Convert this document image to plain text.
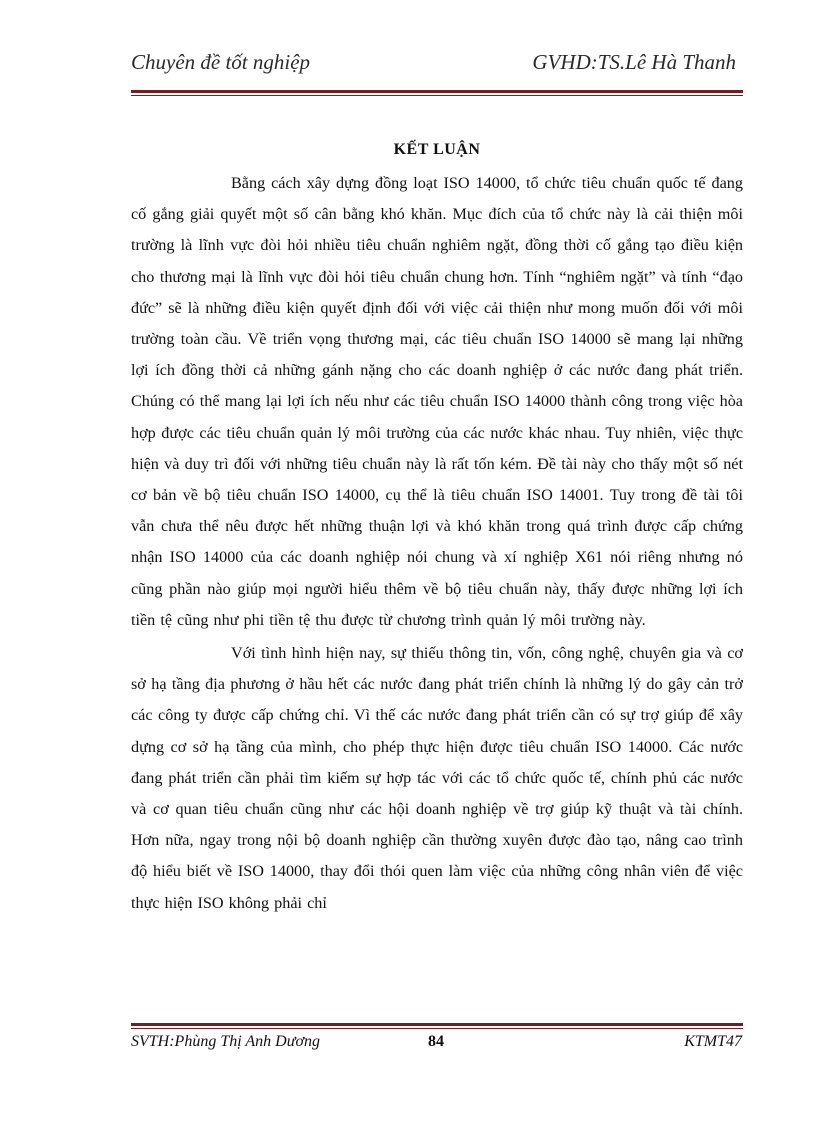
Chuyên đề tốt nghiệp	GVHD:TS.Lê Hà Thanh
KẾT LUẬN

Bằng cách xây dựng đồng loạt ISO 14000, tổ chức tiêu chuẩn quốc tế đang cố gắng giải quyết một số cân bằng khó khăn. Mục đích của tổ chức này là cải thiện môi trường là lĩnh vực đòi hỏi nhiều tiêu chuẩn nghiêm ngặt, đồng thời cố gắng tạo điều kiện cho thương mại là lĩnh vực đòi hỏi tiêu chuẩn chung hơn. Tính “nghiêm ngặt” và tính “đạo đức” sẽ là những điều kiện quyết định đối với việc cải thiện như mong muốn đối với môi trường toàn cầu. Về triển vọng thương mại, các tiêu chuẩn ISO 14000 sẽ mang lại những lợi ích đồng thời cả những gánh nặng cho các doanh nghiệp ở các nước đang phát triển. Chúng có thể mang lại lợi ích nếu như các tiêu chuẩn ISO 14000 thành công trong việc hòa hợp được các tiêu chuẩn quản lý môi trường của các nước khác nhau. Tuy nhiên, việc thực hiện và duy trì đối với những tiêu chuẩn này là rất tốn kém. Đề tài này cho thấy một số nét cơ bản về bộ tiêu chuẩn ISO 14000, cụ thể là tiêu chuẩn ISO 14001. Tuy trong đề tài tôi vẫn chưa thể nêu được hết những thuận lợi và khó khăn trong quá trình được cấp chứng nhận ISO 14000 của các doanh nghiệp nói chung và xí nghiệp X61 nói riêng nhưng nó cũng phần nào giúp mọi người hiểu thêm về bộ tiêu chuẩn này, thấy được những lợi ích tiền tệ cũng như phi tiền tệ thu được từ chương trình quản lý môi trường này.

Với tình hình hiện nay, sự thiếu thông tin, vốn, công nghệ, chuyên gia và cơ sở hạ tầng địa phương ở hầu hết các nước đang phát triển chính là những lý do gây cản trở các công ty được cấp chứng chỉ. Vì thế các nước đang phát triển cần có sự trợ giúp để xây dựng cơ sở hạ tầng của mình, cho phép thực hiện được tiêu chuẩn ISO 14000. Các nước đang phát triển cần phải tìm kiếm sự hợp tác với các tổ chức quốc tế, chính phủ các nước và cơ quan tiêu chuẩn cũng như các hội doanh nghiệp về trợ giúp kỹ thuật và tài chính. Hơn nữa, ngay trong nội bộ doanh nghiệp cần thường xuyên được đào tạo, nâng cao trình độ hiểu biết về ISO 14000, thay đổi thói quen làm việc của những công nhân viên để việc thực hiện ISO không phải chỉ

SVTH:Phùng Thị Anh Dương	84	KTMT47
